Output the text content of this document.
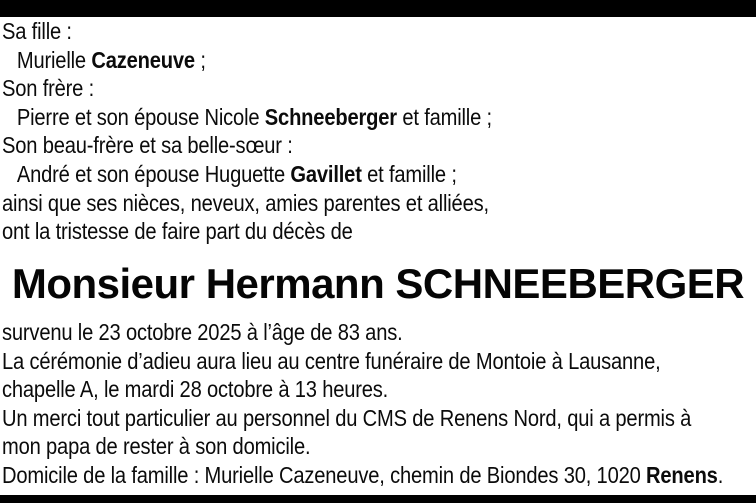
Sa fille :
Murielle Cazeneuve ;
Son frère :
Pierre et son épouse Nicole Schneeberger et famille ;
Son beau-frère et sa belle-sœur :
André et son épouse Huguette Gavillet et famille ;
ainsi que ses nièces, neveux, amies parentes et alliées,
ont la tristesse de faire part du décès de
Monsieur Hermann SCHNEEBERGER
survenu le 23 octobre 2025 à l’âge de 83 ans.
La cérémonie d’adieu aura lieu au centre funéraire de Montoie à Lausanne,
chapelle A, le mardi 28 octobre à 13 heures.
Un merci tout particulier au personnel du CMS de Renens Nord, qui a permis à
mon papa de rester à son domicile.
Domicile de la famille : Murielle Cazeneuve, chemin de Biondes 30, 1020 Renens.
